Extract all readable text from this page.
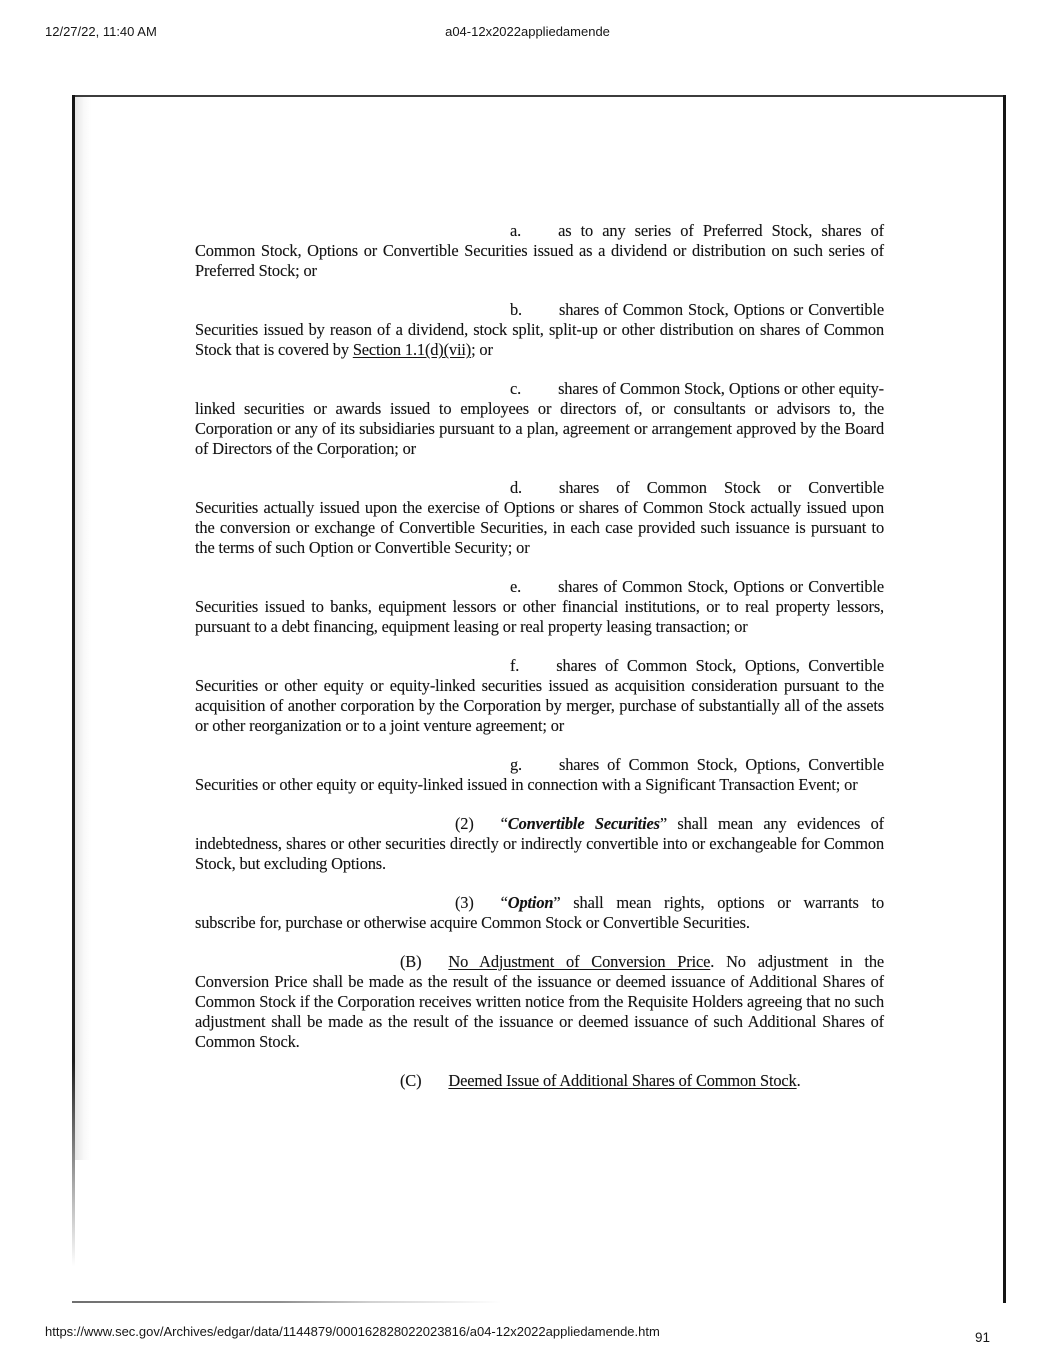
12/27/22, 11:40 AM	a04-12x2022appliedamende

a. as to any series of Preferred Stock, shares of Common Stock, Options or Convertible Securities issued as a dividend or distribution on such series of Preferred Stock; or

b. shares of Common Stock, Options or Convertible Securities issued by reason of a dividend, stock split, split-up or other distribution on shares of Common Stock that is covered by Section 1.1(d)(vii); or

c. shares of Common Stock, Options or other equity-linked securities or awards issued to employees or directors of, or consultants or advisors to, the Corporation or any of its subsidiaries pursuant to a plan, agreement or arrangement approved by the Board of Directors of the Corporation; or

d. shares of Common Stock or Convertible Securities actually issued upon the exercise of Options or shares of Common Stock actually issued upon the conversion or exchange of Convertible Securities, in each case provided such issuance is pursuant to the terms of such Option or Convertible Security; or

e. shares of Common Stock, Options or Convertible Securities issued to banks, equipment lessors or other financial institutions, or to real property lessors, pursuant to a debt financing, equipment leasing or real property leasing transaction; or

f. shares of Common Stock, Options, Convertible Securities or other equity or equity-linked securities issued as acquisition consideration pursuant to the acquisition of another corporation by the Corporation by merger, purchase of substantially all of the assets or other reorganization or to a joint venture agreement; or

g. shares of Common Stock, Options, Convertible Securities or other equity or equity-linked issued in connection with a Significant Transaction Event; or

(2) “Convertible Securities” shall mean any evidences of indebtedness, shares or other securities directly or indirectly convertible into or exchangeable for Common Stock, but excluding Options.

(3) “Option” shall mean rights, options or warrants to subscribe for, purchase or otherwise acquire Common Stock or Convertible Securities.

(B) No Adjustment of Conversion Price. No adjustment in the Conversion Price shall be made as the result of the issuance or deemed issuance of Additional Shares of Common Stock if the Corporation receives written notice from the Requisite Holders agreeing that no such adjustment shall be made as the result of the issuance or deemed issuance of such Additional Shares of Common Stock.

(C) Deemed Issue of Additional Shares of Common Stock.

https://www.sec.gov/Archives/edgar/data/1144879/000162828022023816/a04-12x2022appliedamende.htm	91
